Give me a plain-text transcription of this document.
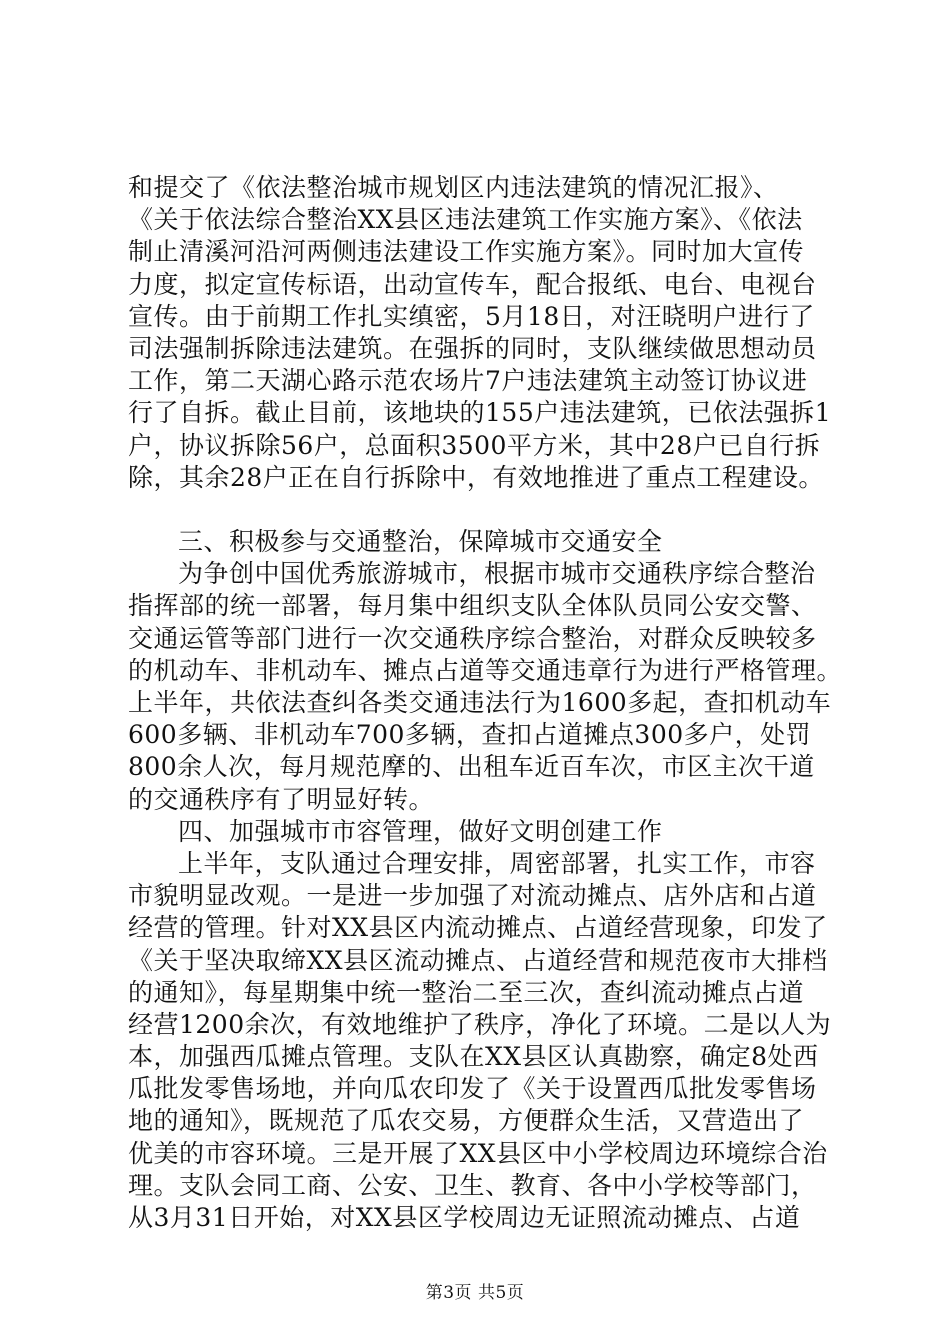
和提交了《依法整治城市规划区内违法建筑的情况汇报》、
《关于依法综合整治XX县区违法建筑工作实施方案》、《依法
制止清溪河沿河两侧违法建设工作实施方案》。同时加大宣传
力度，拟定宣传标语，出动宣传车，配合报纸、电台、电视台
宣传。由于前期工作扎实缜密，5月18日，对汪晓明户进行了
司法强制拆除违法建筑。在强拆的同时，支队继续做思想动员
工作，第二天湖心路示范农场片7户违法建筑主动签订协议进
行了自拆。截止目前，该地块的155户违法建筑，已依法强拆1
户，协议拆除56户，总面积3500平方米，其中28户已自行拆
除，其余28户正在自行拆除中，有效地推进了重点工程建设。
三、积极参与交通整治，保障城市交通安全
为争创中国优秀旅游城市，根据市城市交通秩序综合整治
指挥部的统一部署，每月集中组织支队全体队员同公安交警、
交通运管等部门进行一次交通秩序综合整治，对群众反映较多
的机动车、非机动车、摊点占道等交通违章行为进行严格管理。
上半年，共依法查纠各类交通违法行为1600多起，查扣机动车
600多辆、非机动车700多辆，查扣占道摊点300多户，处罚
800余人次，每月规范摩的、出租车近百车次，市区主次干道
的交通秩序有了明显好转。
四、加强城市市容管理，做好文明创建工作
上半年，支队通过合理安排，周密部署，扎实工作，市容
市貌明显改观。一是进一步加强了对流动摊点、店外店和占道
经营的管理。针对XX县区内流动摊点、占道经营现象，印发了
《关于坚决取缔XX县区流动摊点、占道经营和规范夜市大排档
的通知》，每星期集中统一整治二至三次，查纠流动摊点占道
经营1200余次，有效地维护了秩序，净化了环境。二是以人为
本，加强西瓜摊点管理。支队在XX县区认真勘察，确定8处西
瓜批发零售场地，并向瓜农印发了《关于设置西瓜批发零售场
地的通知》，既规范了瓜农交易，方便群众生活，又营造出了
优美的市容环境。三是开展了XX县区中小学校周边环境综合治
理。支队会同工商、公安、卫生、教育、各中小学校等部门，
从3月31日开始，对XX县区学校周边无证照流动摊点、占道
第3页 共5页
